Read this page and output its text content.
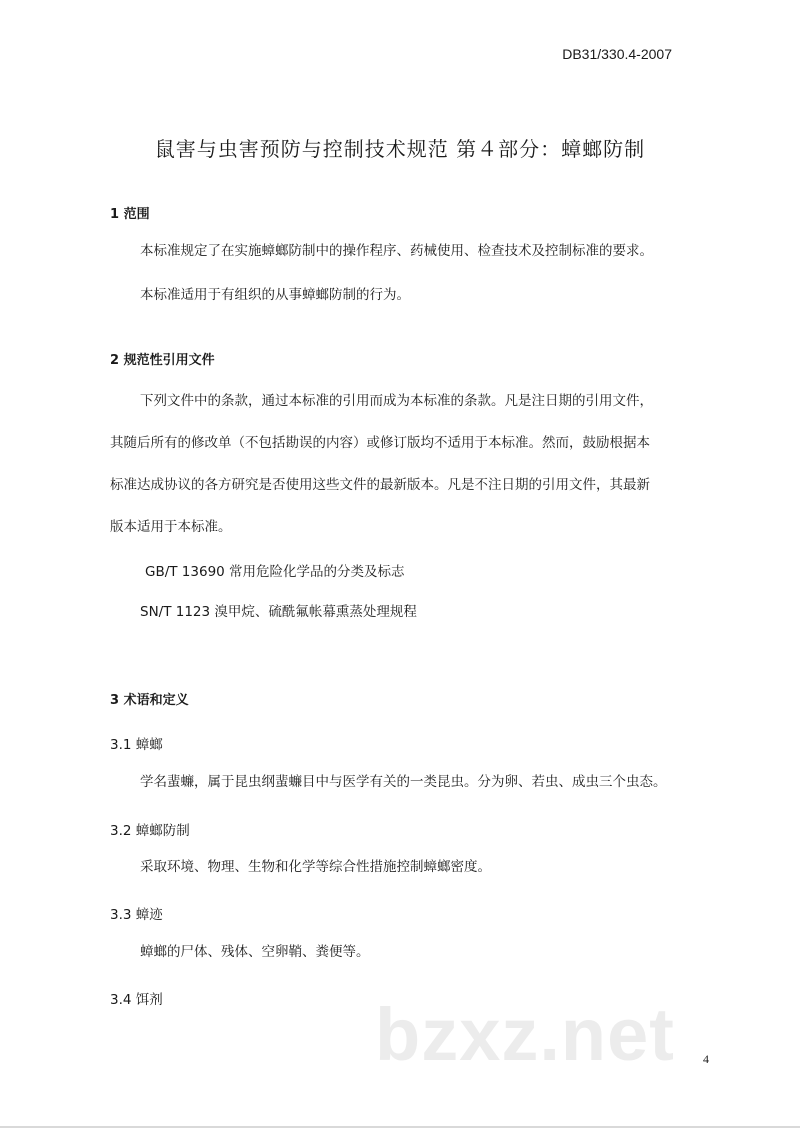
DB31/330.4-2007
鼠害与虫害预防与控制技术规范 第４部分：蟑螂防制
1 范围
本标准规定了在实施蟑螂防制中的操作程序、药械使用、检查技术及控制标准的要求。
本标准适用于有组织的从事蟑螂防制的行为。
2 规范性引用文件
下列文件中的条款，通过本标准的引用而成为本标准的条款。凡是注日期的引用文件，
其随后所有的修改单（不包括勘误的内容）或修订版均不适用于本标准。然而，鼓励根据本
标准达成协议的各方研究是否使用这些文件的最新版本。凡是不注日期的引用文件，其最新
版本适用于本标准。
GB/T 13690 常用危险化学品的分类及标志
SN/T 1123 溴甲烷、硫酰氟帐幕熏蒸处理规程
3 术语和定义
3.1 蟑螂
学名蜚蠊，属于昆虫纲蜚蠊目中与医学有关的一类昆虫。分为卵、若虫、成虫三个虫态。
3.2 蟑螂防制
采取环境、物理、生物和化学等综合性措施控制蟑螂密度。
3.3 蟑迹
蟑螂的尸体、残体、空卵鞘、粪便等。
3.4 饵剂	bzxz.net 4
